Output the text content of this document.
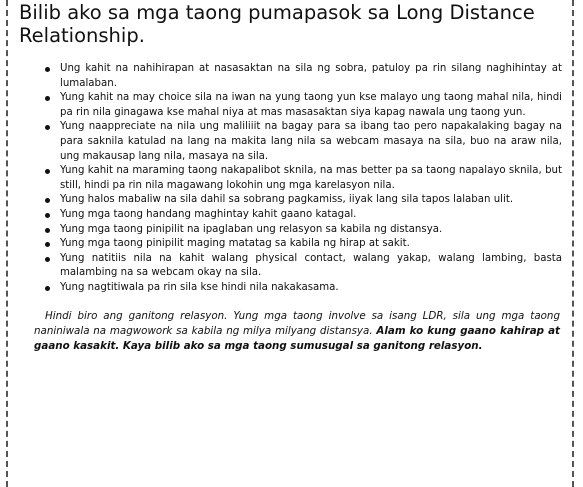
Bilib ako sa mga taong pumapasok sa Long Distance Relationship.
Ung kahit na nahihirapan at nasasaktan na sila ng sobra, patuloy pa rin silang naghihintay at lumalaban.
Yung kahit na may choice sila na iwan na yung taong yun kse malayo ung taong mahal nila, hindi pa rin nila ginagawa kse mahal niya at mas masasaktan siya kapag nawala ung taong yun.
Yung naappreciate na nila ung maliliiit na bagay para sa ibang tao pero napakalaking bagay na para saknila katulad na lang na makita lang nila sa webcam masaya na sila, buo na araw nila, ung makausap lang nila, masaya na sila.
Yung kahit na maraming taong nakapalibot sknila, na mas better pa sa taong napalayo sknila, but still, hindi pa rin nila magawang lokohin ung mga karelasyon nila.
Yung halos mabaliw na sila dahil sa sobrang pagkamiss, iiyak lang sila tapos lalaban ulit.
Yung mga taong handang maghintay kahit gaano katagal.
Yung mga taong pinipilit na ipaglaban ung relasyon sa kabila ng distansya.
Yung mga taong pinipilit maging matatag sa kabila ng hirap at sakit.
Yung natitiis nila na kahit walang physical contact, walang yakap, walang lambing, basta malambing na sa webcam okay na sila.
Yung nagtitiwala pa rin sila kse hindi nila nakakasama.

Hindi biro ang ganitong relasyon. Yung mga taong involve sa isang LDR, sila ung mga taong naniniwala na magwowork sa kabila ng milya milyang distansya. Alam ko kung gaano kahirap at gaano kasakit. Kaya bilib ako sa mga taong sumusugal sa ganitong relasyon.
